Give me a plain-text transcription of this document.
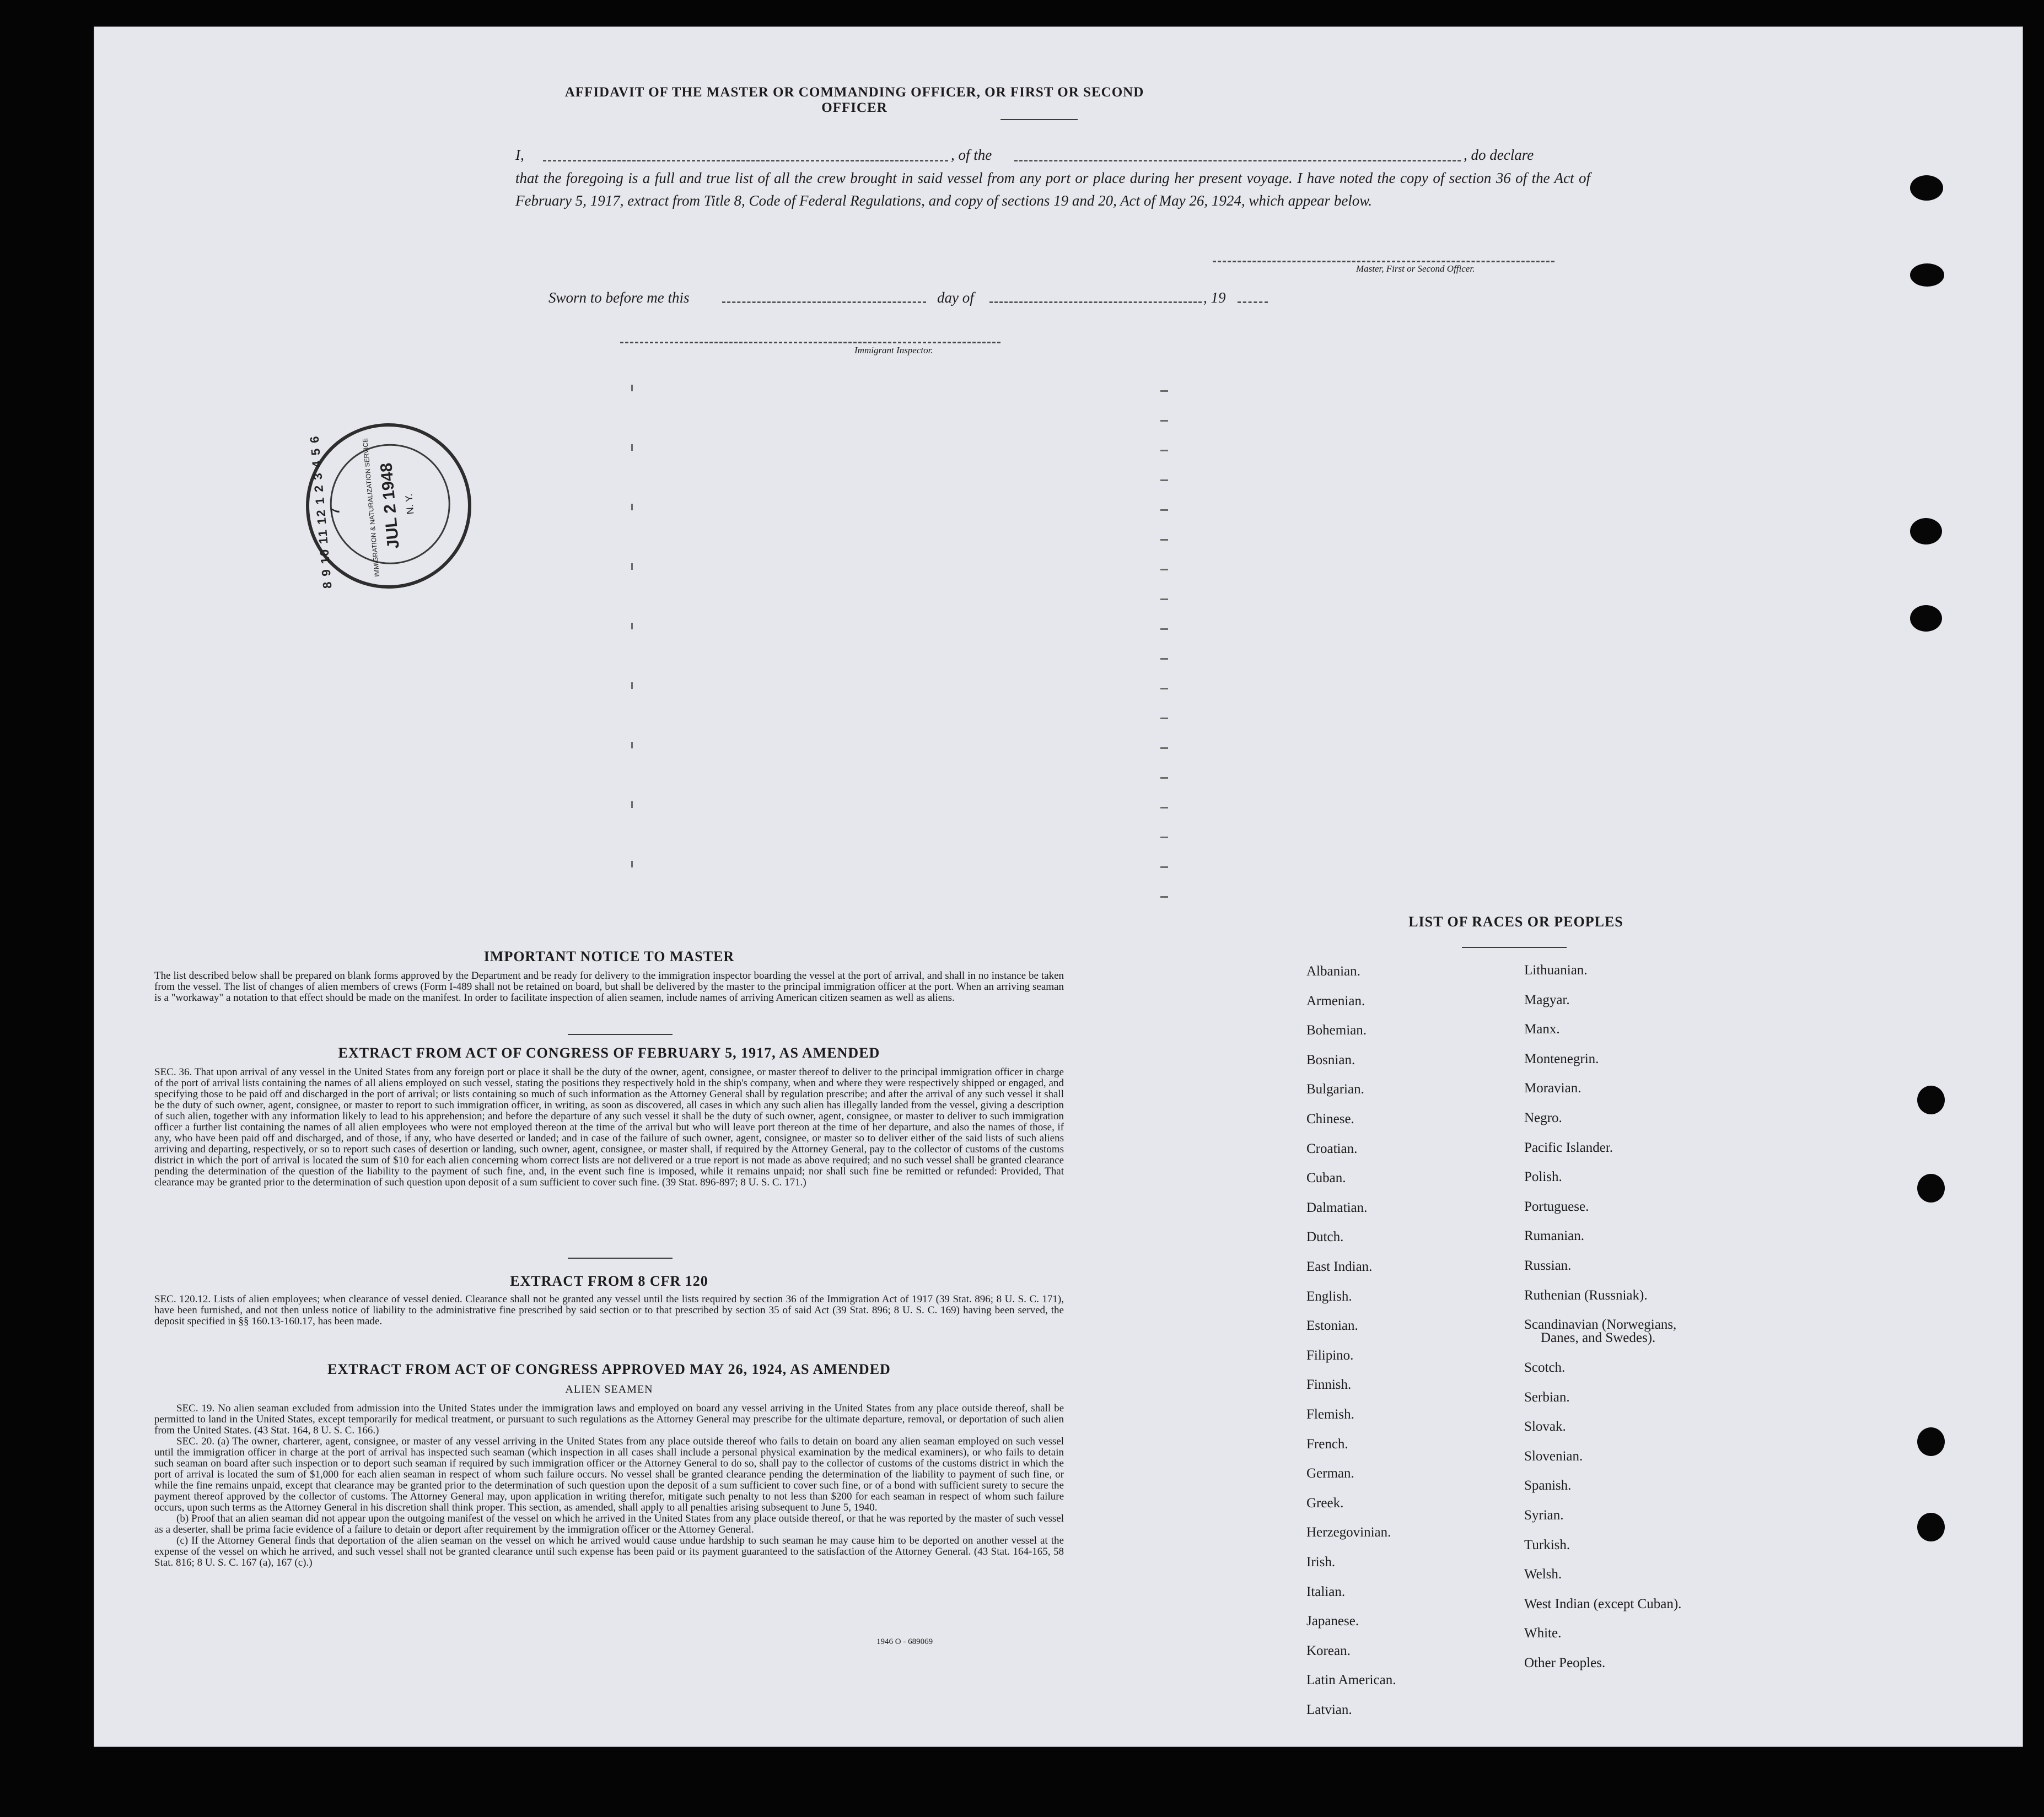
AFFIDAVIT OF THE MASTER OR COMMANDING OFFICER, OR FIRST OR SECOND OFFICER
I,	, of the	, do declare
that the foregoing is a full and true list of all the crew brought in said vessel from any port or place during her present voyage. I have noted the copy of section 36 of the Act of February 5, 1917, extract from Title 8, Code of Federal Regulations, and copy of sections 19 and 20, Act of May 26, 1924, which appear below.
Master, First or Second Officer.
Sworn to before me this	day of	, 19
Immigrant Inspector.
8 9 10 11 12 1 2 3 4 5 6 7	IMMIGRATION & NATURALIZATION SERVICE
JUL 2 1948 N. Y.
IMPORTANT NOTICE TO MASTER
The list described below shall be prepared on blank forms approved by the Department and be ready for delivery to the immigration inspector boarding the vessel at the port of arrival, and shall in no instance be taken from the vessel. The list of changes of alien members of crews (Form I-489 shall not be retained on board, but shall be delivered by the master to the principal immigration officer at the port. When an arriving seaman is a "workaway" a notation to that effect should be made on the manifest. In order to facilitate inspection of alien seamen, include names of arriving American citizen seamen as well as aliens.
EXTRACT FROM ACT OF CONGRESS OF FEBRUARY 5, 1917, AS AMENDED
SEC. 36. That upon arrival of any vessel in the United States from any foreign port or place it shall be the duty of the owner, agent, consignee, or master thereof to deliver to the principal immigration officer in charge of the port of arrival lists containing the names of all aliens employed on such vessel, stating the positions they respectively hold in the ship's company, when and where they were respectively shipped or engaged, and specifying those to be paid off and discharged in the port of arrival; or lists containing so much of such information as the Attorney General shall by regulation prescribe; and after the arrival of any such vessel it shall be the duty of such owner, agent, consignee, or master to report to such immigration officer, in writing, as soon as discovered, all cases in which any such alien has illegally landed from the vessel, giving a description of such alien, together with any information likely to lead to his apprehension; and before the departure of any such vessel it shall be the duty of such owner, agent, consignee, or master to deliver to such immigration officer a further list containing the names of all alien employees who were not employed thereon at the time of the arrival but who will leave port thereon at the time of her departure, and also the names of those, if any, who have been paid off and discharged, and of those, if any, who have deserted or landed; and in case of the failure of such owner, agent, consignee, or master so to deliver either of the said lists of such aliens arriving and departing, respectively, or so to report such cases of desertion or landing, such owner, agent, consignee, or master shall, if required by the Attorney General, pay to the collector of customs of the customs district in which the port of arrival is located the sum of $10 for each alien concerning whom correct lists are not delivered or a true report is not made as above required; and no such vessel shall be granted clearance pending the determination of the question of the liability to the payment of such fine, and, in the event such fine is imposed, while it remains unpaid; nor shall such fine be remitted or refunded: Provided, That clearance may be granted prior to the determination of such question upon deposit of a sum sufficient to cover such fine. (39 Stat. 896-897; 8 U. S. C. 171.)
EXTRACT FROM 8 CFR 120
SEC. 120.12. Lists of alien employees; when clearance of vessel denied. Clearance shall not be granted any vessel until the lists required by section 36 of the Immigration Act of 1917 (39 Stat. 896; 8 U. S. C. 171), have been furnished, and not then unless notice of liability to the administrative fine prescribed by said section or to that prescribed by section 35 of said Act (39 Stat. 896; 8 U. S. C. 169) having been served, the deposit specified in §§ 160.13-160.17, has been made.
EXTRACT FROM ACT OF CONGRESS APPROVED MAY 26, 1924, AS AMENDED
ALIEN SEAMEN
SEC. 19. No alien seaman excluded from admission into the United States under the immigration laws and employed on board any vessel arriving in the United States from any place outside thereof, shall be permitted to land in the United States, except temporarily for medical treatment, or pursuant to such regulations as the Attorney General may prescribe for the ultimate departure, removal, or deportation of such alien from the United States. (43 Stat. 164, 8 U. S. C. 166.)
SEC. 20. (a) The owner, charterer, agent, consignee, or master of any vessel arriving in the United States from any place outside thereof who fails to detain on board any alien seaman employed on such vessel until the immigration officer in charge at the port of arrival has inspected such seaman (which inspection in all cases shall include a personal physical examination by the medical examiners), or who fails to detain such seaman on board after such inspection or to deport such seaman if required by such immigration officer or the Attorney General to do so, shall pay to the collector of customs of the customs district in which the port of arrival is located the sum of $1,000 for each alien seaman in respect of whom such failure occurs. No vessel shall be granted clearance pending the determination of the liability to payment of such fine, or while the fine remains unpaid, except that clearance may be granted prior to the determination of such question upon the deposit of a sum sufficient to cover such fine, or of a bond with sufficient surety to secure the payment thereof approved by the collector of customs. The Attorney General may, upon application in writing therefor, mitigate such penalty to not less than $200 for each seaman in respect of whom such failure occurs, upon such terms as the Attorney General in his discretion shall think proper. This section, as amended, shall apply to all penalties arising subsequent to June 5, 1940.
(b) Proof that an alien seaman did not appear upon the outgoing manifest of the vessel on which he arrived in the United States from any place outside thereof, or that he was reported by the master of such vessel as a deserter, shall be prima facie evidence of a failure to detain or deport after requirement by the immigration officer or the Attorney General.
(c) If the Attorney General finds that deportation of the alien seaman on the vessel on which he arrived would cause undue hardship to such seaman he may cause him to be deported on another vessel at the expense of the vessel on which he arrived, and such vessel shall not be granted clearance until such expense has been paid or its payment guaranteed to the satisfaction of the Attorney General. (43 Stat. 164-165, 58 Stat. 816; 8 U. S. C. 167 (a), 167 (c).)
1946 O - 689069
LIST OF RACES OR PEOPLES
Albanian.
Armenian.
Bohemian.
Bosnian.
Bulgarian.
Chinese.
Croatian.
Cuban.
Dalmatian.
Dutch.
East Indian.
English.
Estonian.
Filipino.
Finnish.
Flemish.
French.
German.
Greek.
Herzegovinian.
Irish.
Italian.
Japanese.
Korean.
Latin American.
Latvian.
Lithuanian.
Magyar.
Manx.
Montenegrin.
Moravian.
Negro.
Pacific Islander.
Polish.
Portuguese.
Rumanian.
Russian.
Ruthenian (Russniak).
Scandinavian (Norwegians,
Danes, and Swedes).
Scotch.
Serbian.
Slovak.
Slovenian.
Spanish.
Syrian.
Turkish.
Welsh.
West Indian (except Cuban).
White.
Other Peoples.
